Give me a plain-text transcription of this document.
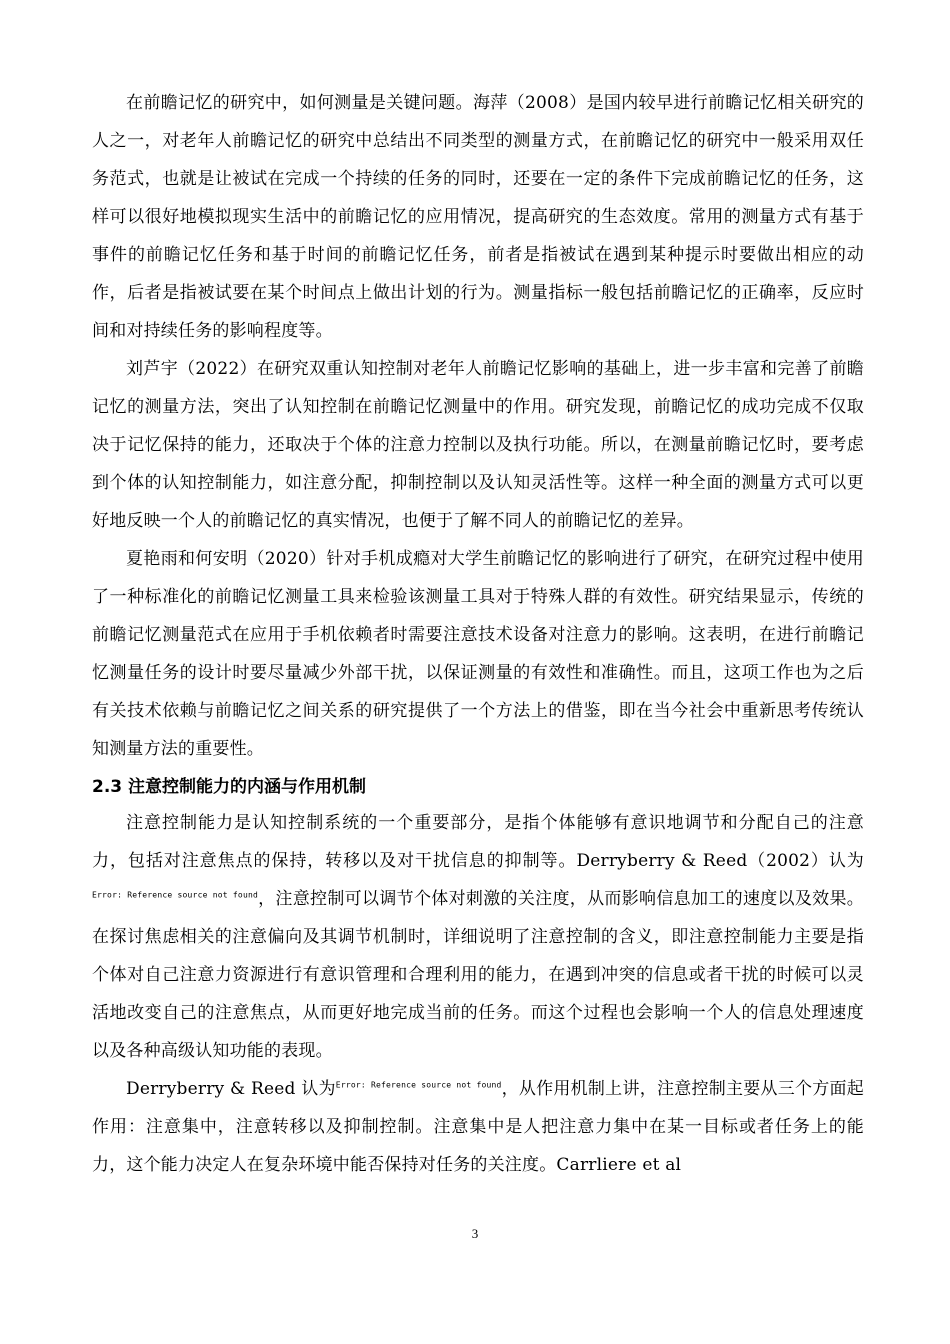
在前瞻记忆的研究中，如何测量是关键问题。海萍（2008）是国内较早进行前瞻记忆相关研究的人之一，对老年人前瞻记忆的研究中总结出不同类型的测量方式，在前瞻记忆的研究中一般采用双任务范式，也就是让被试在完成一个持续的任务的同时，还要在一定的条件下完成前瞻记忆的任务，这样可以很好地模拟现实生活中的前瞻记忆的应用情况，提高研究的生态效度。常用的测量方式有基于事件的前瞻记忆任务和基于时间的前瞻记忆任务，前者是指被试在遇到某种提示时要做出相应的动作，后者是指被试要在某个时间点上做出计划的行为。测量指标一般包括前瞻记忆的正确率，反应时间和对持续任务的影响程度等。

刘芦宇（2022）在研究双重认知控制对老年人前瞻记忆影响的基础上，进一步丰富和完善了前瞻记忆的测量方法，突出了认知控制在前瞻记忆测量中的作用。研究发现，前瞻记忆的成功完成不仅取决于记忆保持的能力，还取决于个体的注意力控制以及执行功能。所以，在测量前瞻记忆时，要考虑到个体的认知控制能力，如注意分配，抑制控制以及认知灵活性等。这样一种全面的测量方式可以更好地反映一个人的前瞻记忆的真实情况，也便于了解不同人的前瞻记忆的差异。

夏艳雨和何安明（2020）针对手机成瘾对大学生前瞻记忆的影响进行了研究，在研究过程中使用了一种标准化的前瞻记忆测量工具来检验该测量工具对于特殊人群的有效性。研究结果显示，传统的前瞻记忆测量范式在应用于手机依赖者时需要注意技术设备对注意力的影响。这表明，在进行前瞻记忆测量任务的设计时要尽量减少外部干扰，以保证测量的有效性和准确性。而且，这项工作也为之后有关技术依赖与前瞻记忆之间关系的研究提供了一个方法上的借鉴，即在当今社会中重新思考传统认知测量方法的重要性。

2.3 注意控制能力的内涵与作用机制

注意控制能力是认知控制系统的一个重要部分，是指个体能够有意识地调节和分配自己的注意力，包括对注意焦点的保持，转移以及对干扰信息的抑制等。Derryberry & Reed（2002）认为$^{Error: Reference source not found}$，注意控制可以调节个体对刺激的关注度，从而影响信息加工的速度以及效果。在探讨焦虑相关的注意偏向及其调节机制时，详细说明了注意控制的含义，即注意控制能力主要是指个体对自己注意力资源进行有意识管理和合理利用的能力，在遇到冲突的信息或者干扰的时候可以灵活地改变自己的注意焦点，从而更好地完成当前的任务。而这个过程也会影响一个人的信息处理速度以及各种高级认知功能的表现。

Derryberry & Reed 认为$^{Error: Reference source not found}$，从作用机制上讲，注意控制主要从三个方面起作用：注意集中，注意转移以及抑制控制。注意集中是人把注意力集中在某一目标或者任务上的能力，这个能力决定人在复杂环境中能否保持对任务的关注度。Carrliere et al

3
